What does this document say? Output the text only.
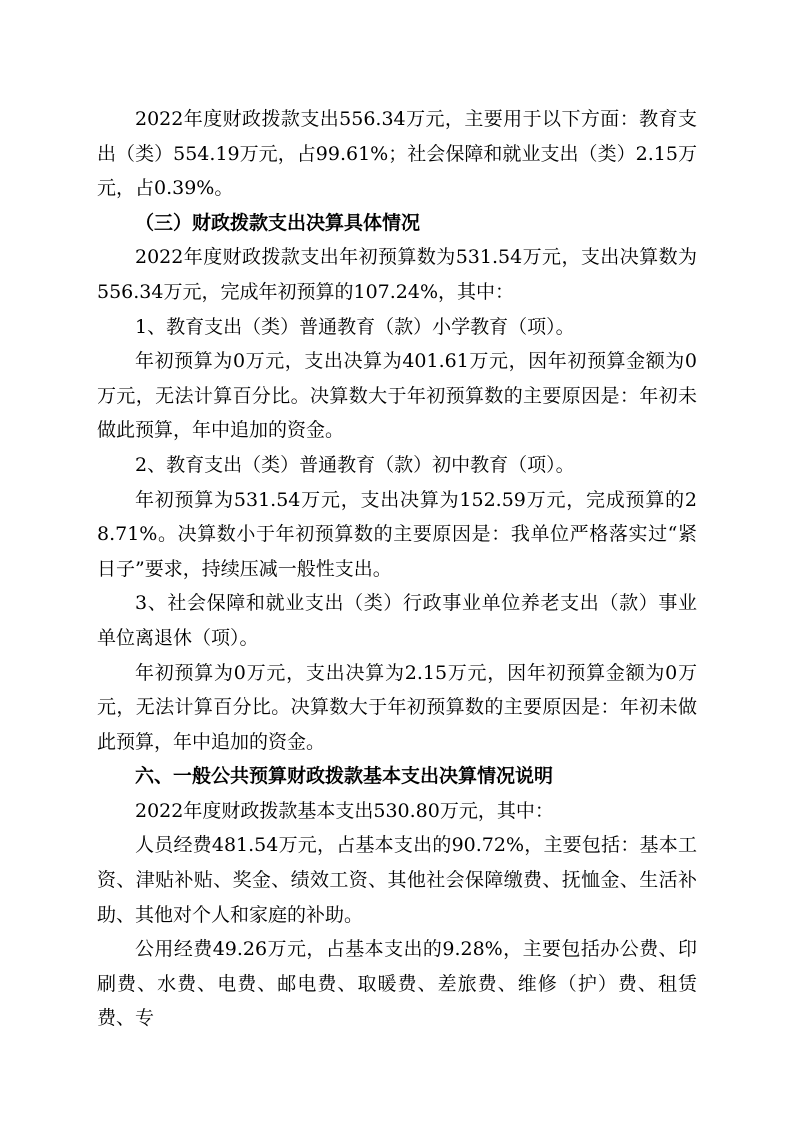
2022年度财政拨款支出556.34万元，主要用于以下方面：教育支出（类）554.19万元，占99.61%；社会保障和就业支出（类）2.15万元，占0.39%。

（三）财政拨款支出决算具体情况

2022年度财政拨款支出年初预算数为531.54万元，支出决算数为556.34万元，完成年初预算的107.24%，其中：

1、教育支出（类）普通教育（款）小学教育（项）。

年初预算为0万元，支出决算为401.61万元，因年初预算金额为0万元，无法计算百分比。决算数大于年初预算数的主要原因是：年初未做此预算，年中追加的资金。

2、教育支出（类）普通教育（款）初中教育（项）。

年初预算为531.54万元，支出决算为152.59万元，完成预算的28.71%。决算数小于年初预算数的主要原因是：我单位严格落实过“紧日子”要求，持续压减一般性支出。

3、社会保障和就业支出（类）行政事业单位养老支出（款）事业单位离退休（项）。

年初预算为0万元，支出决算为2.15万元，因年初预算金额为0万元，无法计算百分比。决算数大于年初预算数的主要原因是：年初未做此预算，年中追加的资金。

六、一般公共预算财政拨款基本支出决算情况说明

2022年度财政拨款基本支出530.80万元，其中：

人员经费481.54万元，占基本支出的90.72%，主要包括：基本工资、津贴补贴、奖金、绩效工资、其他社会保障缴费、抚恤金、生活补助、其他对个人和家庭的补助。

公用经费49.26万元，占基本支出的9.28%，主要包括办公费、印刷费、水费、电费、邮电费、取暖费、差旅费、维修（护）费、租赁费、专
